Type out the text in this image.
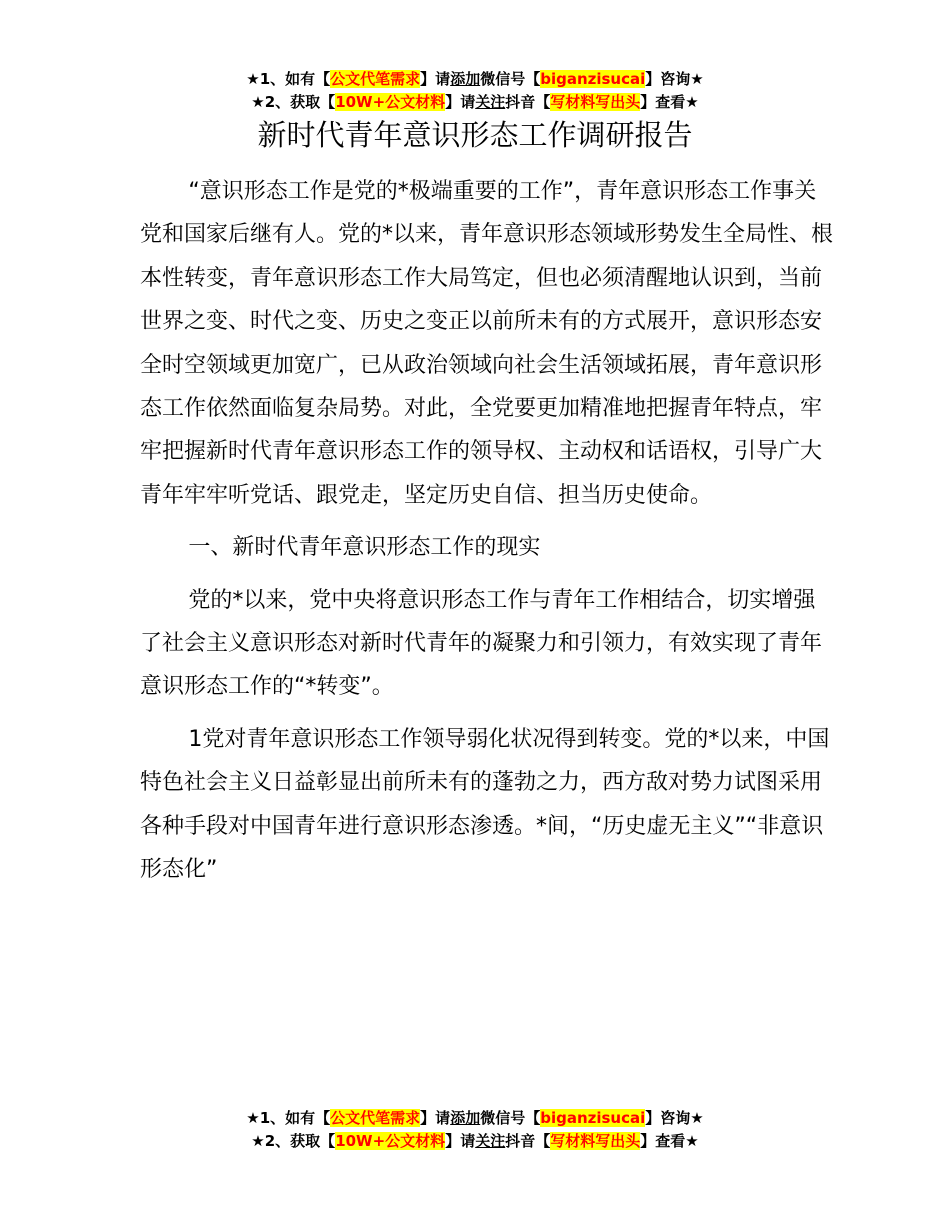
★1、如有【公文代笔需求】请添加微信号【biganzisucai】咨询★
★2、获取【10W+公文材料】请关注抖音【写材料写出头】查看★
新时代青年意识形态工作调研报告

“意识形态工作是党的*极端重要的工作”，青年意识形态工作事关党和国家后继有人。党的*以来，青年意识形态领域形势发生全局性、根本性转变，青年意识形态工作大局笃定，但也必须清醒地认识到，当前世界之变、时代之变、历史之变正以前所未有的方式展开，意识形态安全时空领域更加宽广，已从政治领域向社会生活领域拓展，青年意识形态工作依然面临复杂局势。对此，全党要更加精准地把握青年特点，牢牢把握新时代青年意识形态工作的领导权、主动权和话语权，引导广大青年牢牢听党话、跟党走，坚定历史自信、担当历史使命。

一、新时代青年意识形态工作的现实

党的*以来，党中央将意识形态工作与青年工作相结合，切实增强了社会主义意识形态对新时代青年的凝聚力和引领力，有效实现了青年意识形态工作的“*转变”。

1党对青年意识形态工作领导弱化状况得到转变。党的*以来，中国特色社会主义日益彰显出前所未有的蓬勃之力，西方敌对势力试图采用各种手段对中国青年进行意识形态渗透。*间，“历史虚无主义”“非意识形态化”

★1、如有【公文代笔需求】请添加微信号【biganzisucai】咨询★
★2、获取【10W+公文材料】请关注抖音【写材料写出头】查看★
